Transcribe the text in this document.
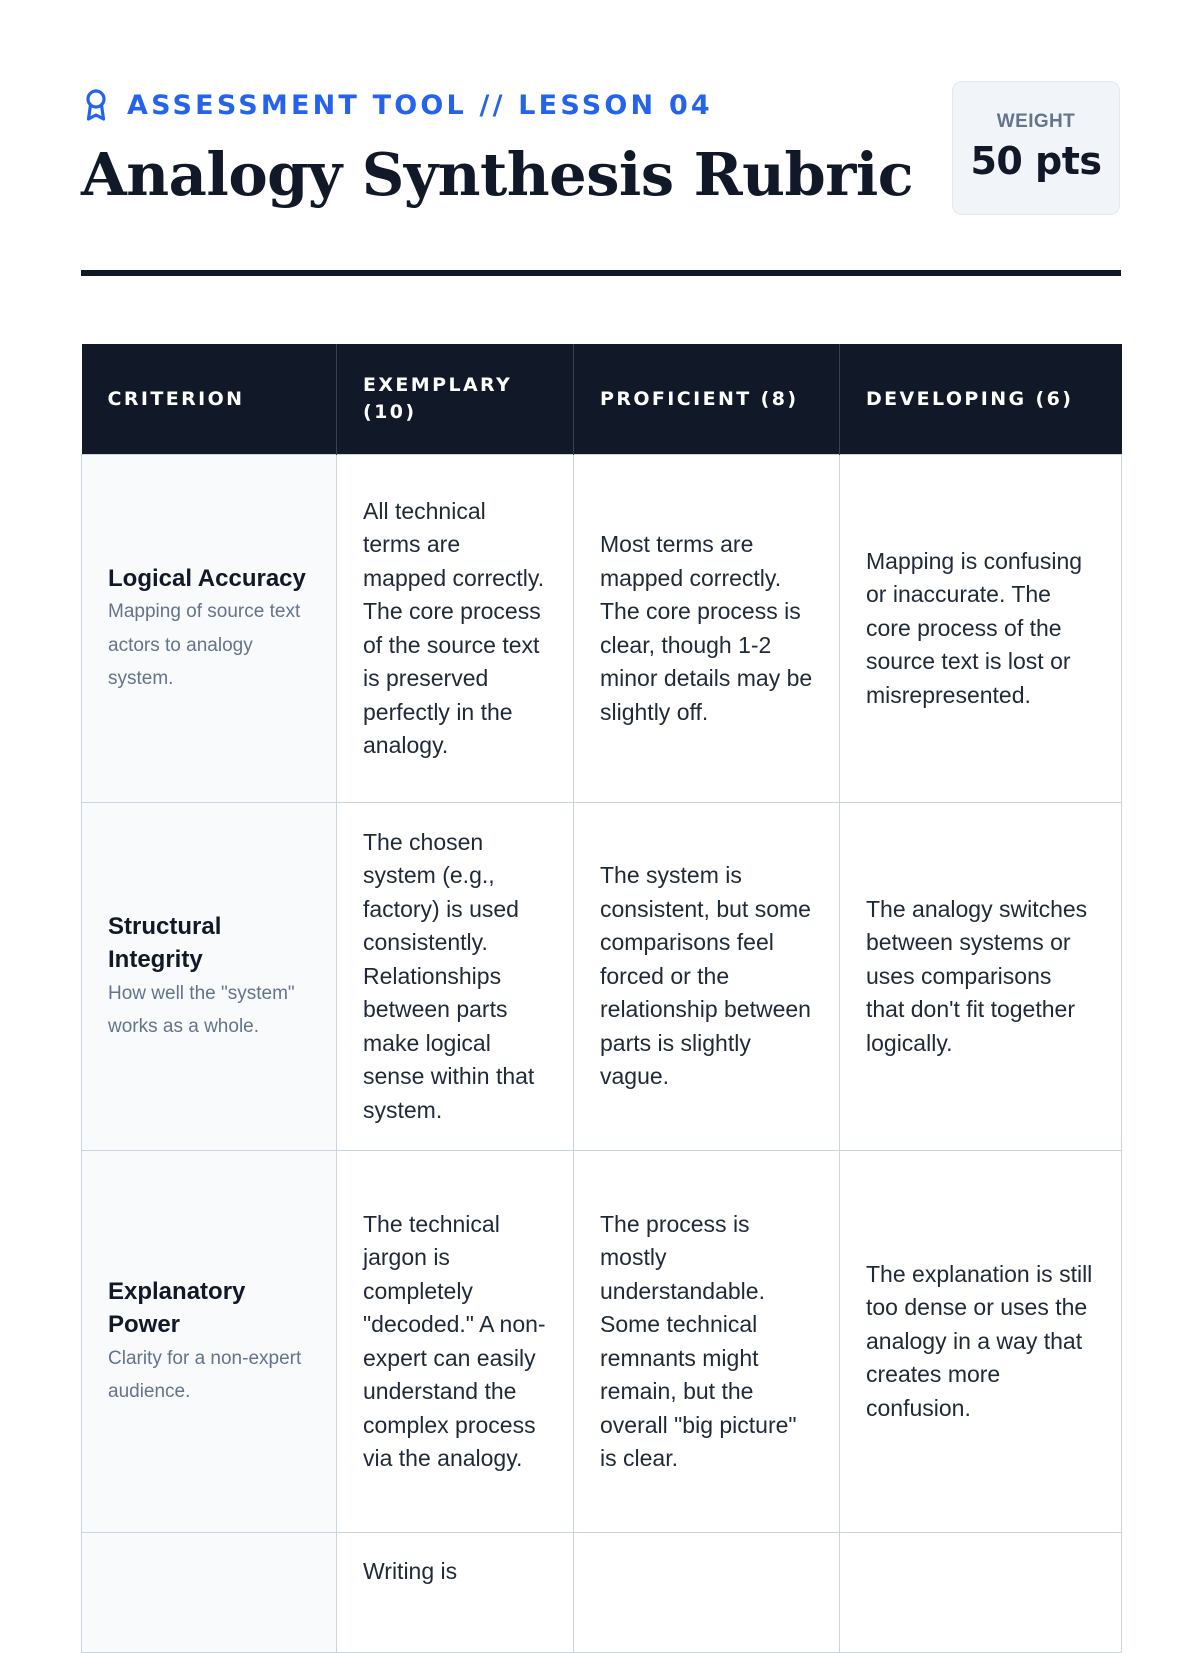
ASSESSMENT TOOL // LESSON 04
Analogy Synthesis Rubric
WEIGHT
50 pts
CRITERION	EXEMPLARY (10)	PROFICIENT (8)	DEVELOPING (6)

Logical Accuracy
Mapping of source text actors to analogy system.	All technical terms are mapped correctly. The core process of the source text is preserved perfectly in the analogy.	Most terms are mapped correctly. The core process is clear, though 1-2 minor details may be slightly off.	Mapping is confusing or inaccurate. The core process of the source text is lost or misrepresented.

Structural Integrity
How well the "system" works as a whole.	The chosen system (e.g., factory) is used consistently. Relationships between parts make logical sense within that system.	The system is consistent, but some comparisons feel forced or the relationship between parts is slightly vague.	The analogy switches between systems or uses comparisons that don't fit together logically.

Explanatory Power
Clarity for a non-expert audience.	The technical jargon is completely "decoded." A non-expert can easily understand the complex process via the analogy.	The process is mostly understandable. Some technical remnants might remain, but the overall "big picture" is clear.	The explanation is still too dense or uses the analogy in a way that creates more confusion.

	Writing is		
